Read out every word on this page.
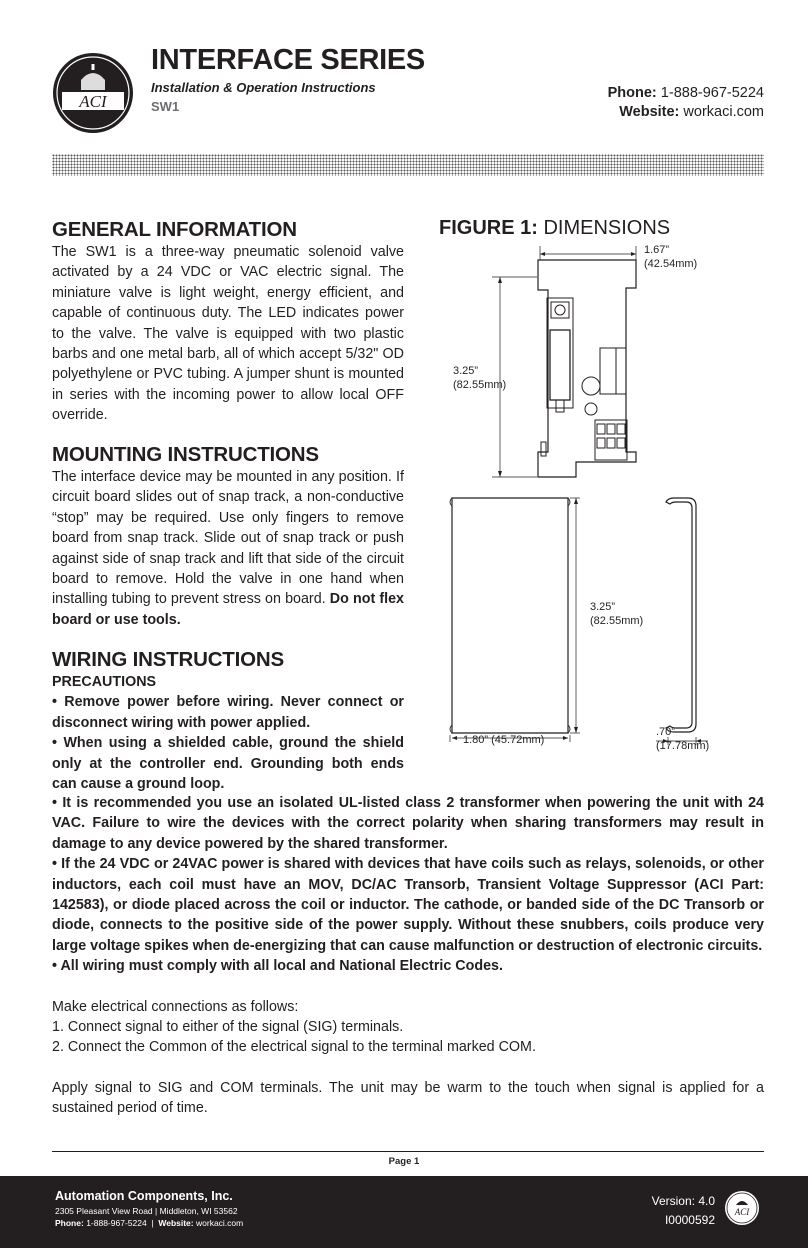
ACI
INTERFACE SERIES
Installation & Operation Instructions
SW1
Phone: 1-888-967-5224
Website: workaci.com
GENERAL INFORMATION
The SW1 is a three-way pneumatic solenoid valve activated by a 24 VDC or VAC electric signal. The miniature valve is light weight, energy efficient, and capable of continuous duty. The LED indicates power to the valve. The valve is equipped with two plastic barbs and one metal barb, all of which accept 5/32" OD polyethylene or PVC tubing. A jumper shunt is mounted in series with the incoming power to allow local OFF override.
MOUNTING INSTRUCTIONS
The interface device may be mounted in any position. If circuit board slides out of snap track, a non-conductive “stop” may be required. Use only fingers to remove board from snap track. Slide out of snap track or push against side of snap track and lift that side of the circuit board to remove. Hold the valve in one hand when installing tubing to prevent stress on board. Do not flex board or use tools.
WIRING INSTRUCTIONS
PRECAUTIONS
• Remove power before wiring. Never connect or disconnect wiring with power applied.
• When using a shielded cable, ground the shield only at the controller end. Grounding both ends can cause a ground loop.
• It is recommended you use an isolated UL-listed class 2 transformer when powering the unit with 24 VAC. Failure to wire the devices with the correct polarity when sharing transformers may result in damage to any device powered by the shared transformer.
• If the 24 VDC or 24VAC power is shared with devices that have coils such as relays, solenoids, or other inductors, each coil must have an MOV, DC/AC Transorb, Transient Voltage Suppressor (ACI Part: 142583), or diode placed across the coil or inductor. The cathode, or banded side of the DC Transorb or diode, connects to the positive side of the power supply. Without these snubbers, coils produce very large voltage spikes when de-energizing that can cause malfunction or destruction of electronic circuits.
• All wiring must comply with all local and National Electric Codes.
Make electrical connections as follows:
1. Connect signal to either of the signal (SIG) terminals.
2. Connect the Common of the electrical signal to the terminal marked COM.
Apply signal to SIG and COM terminals. The unit may be warm to the touch when signal is applied for a sustained period of time.
FIGURE 1: DIMENSIONS
1.67”
(42.54mm)
3.25”
(82.55mm)
3.25”
(82.55mm)
1.80” (45.72mm)
.70”
(17.78mm)
Page 1
Automation Components, Inc.
2305 Pleasant View Road | Middleton, WI 53562
Phone: 1-888-967-5224  |  Website: workaci.com
Version: 4.0
I0000592
ACI
